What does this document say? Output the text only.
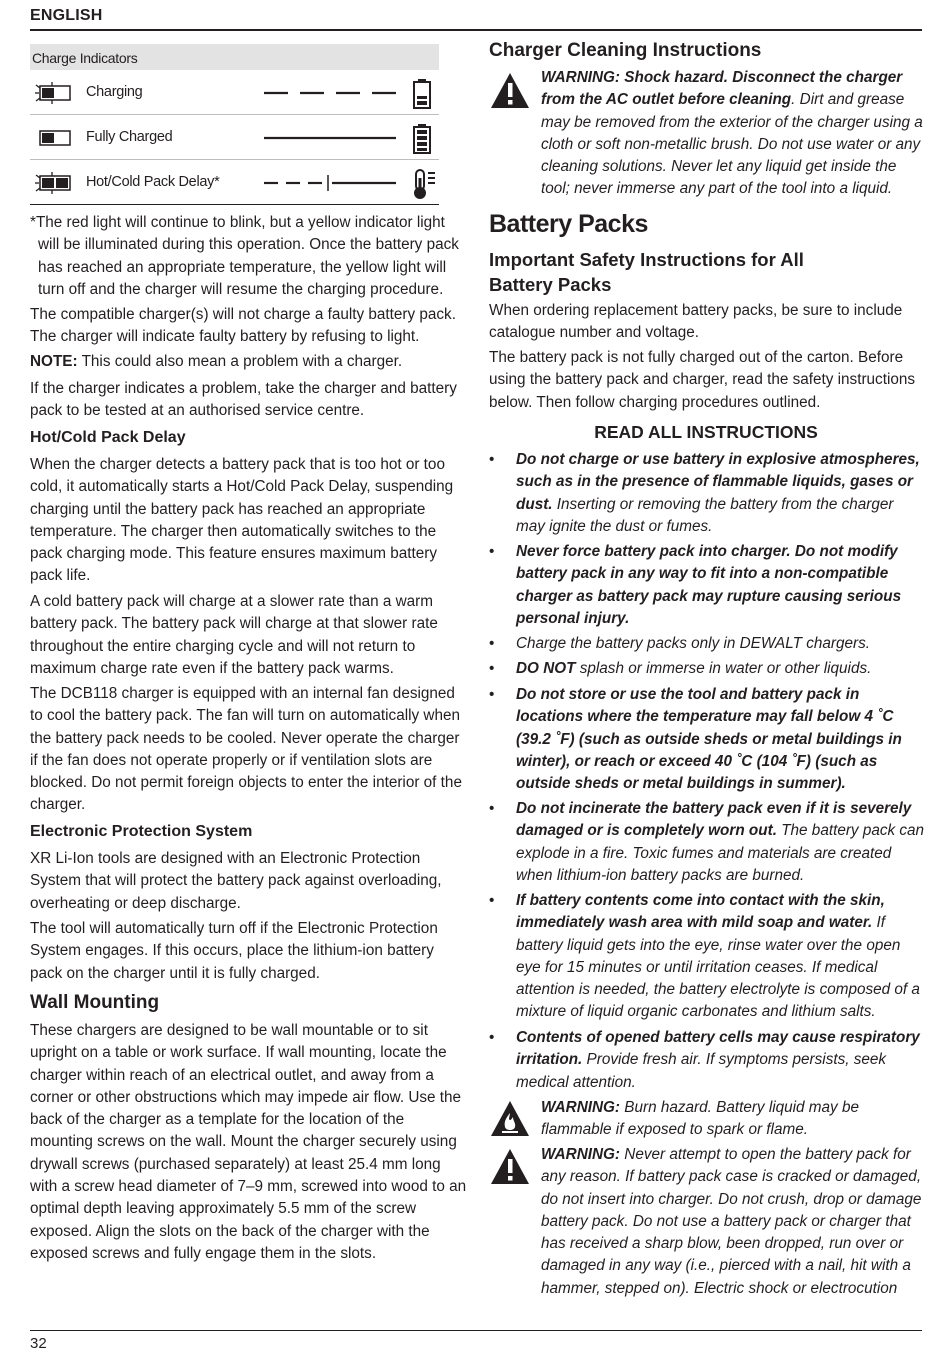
ENGLISH
32
Charge Indicators
Charging
Fully Charged
Hot/Cold Pack Delay*
*The red light will continue to blink, but a yellow indicator light will be illuminated during this operation. Once the battery pack has reached an appropriate temperature, the yellow light will turn off and the charger will resume the charging procedure.
The compatible charger(s) will not charge a faulty battery pack. The charger will indicate faulty battery by refusing to light.
NOTE: This could also mean a problem with a charger.
If the charger indicates a problem, take the charger and battery pack to be tested at an authorised service centre.
Hot/Cold Pack Delay
When the charger detects a battery pack that is too hot or too cold, it automatically starts a Hot/Cold Pack Delay, suspending charging until the battery pack has reached an appropriate temperature. The charger then automatically switches to the pack charging mode. This feature ensures maximum battery pack life.
A cold battery pack will charge at a slower rate than a warm battery pack. The battery pack will charge at that slower rate throughout the entire charging cycle and will not return to maximum charge rate even if the battery pack warms.
The DCB118 charger is equipped with an internal fan designed to cool the battery pack. The fan will turn on automatically when the battery pack needs to be cooled. Never operate the charger if the fan does not operate properly or if ventilation slots are blocked. Do not permit foreign objects to enter the interior of the charger.
Electronic Protection System
XR Li-Ion tools are designed with an Electronic Protection System that will protect the battery pack against overloading, overheating or deep discharge.
The tool will automatically turn off if the Electronic Protection System engages. If this occurs, place the lithium-ion battery pack on the charger until it is fully charged.
Wall Mounting
These chargers are designed to be wall mountable or to sit upright on a table or work surface. If wall mounting, locate the charger within reach of an electrical outlet, and away from a corner or other obstructions which may impede air flow. Use the back of the charger as a template for the location of the mounting screws on the wall. Mount the charger securely using drywall screws (purchased separately) at least 25.4 mm long with a screw head diameter of 7–9 mm, screwed into wood to an optimal depth leaving approximately 5.5 mm of the screw exposed. Align the slots on the back of the charger with the exposed screws and fully engage them in the slots.
Charger Cleaning Instructions
WARNING: Shock hazard. Disconnect the charger from the AC outlet before cleaning. Dirt and grease may be removed from the exterior of the charger using a cloth or soft non-metallic brush. Do not use water or any cleaning solutions. Never let any liquid get inside the tool; never immerse any part of the tool into a liquid.
Battery Packs
Important Safety Instructions for All Battery Packs
When ordering replacement battery packs, be sure to include catalogue number and voltage.
The battery pack is not fully charged out of the carton. Before using the battery pack and charger, read the safety instructions below. Then follow charging procedures outlined.
READ ALL INSTRUCTIONS
• Do not charge or use battery in explosive atmospheres, such as in the presence of flammable liquids, gases or dust. Inserting or removing the battery from the charger may ignite the dust or fumes.
• Never force battery pack into charger. Do not modify battery pack in any way to fit into a non-compatible charger as battery pack may rupture causing serious personal injury.
• Charge the battery packs only in DEWALT chargers.
• DO NOT splash or immerse in water or other liquids.
• Do not store or use the tool and battery pack in locations where the temperature may fall below 4 ˚C (39.2 ˚F) (such as outside sheds or metal buildings in winter), or reach or exceed 40 ˚C (104 ˚F) (such as outside sheds or metal buildings in summer).
• Do not incinerate the battery pack even if it is severely damaged or is completely worn out. The battery pack can explode in a fire. Toxic fumes and materials are created when lithium-ion battery packs are burned.
• If battery contents come into contact with the skin, immediately wash area with mild soap and water. If battery liquid gets into the eye, rinse water over the open eye for 15 minutes or until irritation ceases. If medical attention is needed, the battery electrolyte is composed of a mixture of liquid organic carbonates and lithium salts.
• Contents of opened battery cells may cause respiratory irritation. Provide fresh air. If symptoms persists, seek medical attention.
WARNING: Burn hazard. Battery liquid may be flammable if exposed to spark or flame.
WARNING: Never attempt to open the battery pack for any reason. If battery pack case is cracked or damaged, do not insert into charger. Do not crush, drop or damage battery pack. Do not use a battery pack or charger that has received a sharp blow, been dropped, run over or damaged in any way (i.e., pierced with a nail, hit with a hammer, stepped on). Electric shock or electrocution
